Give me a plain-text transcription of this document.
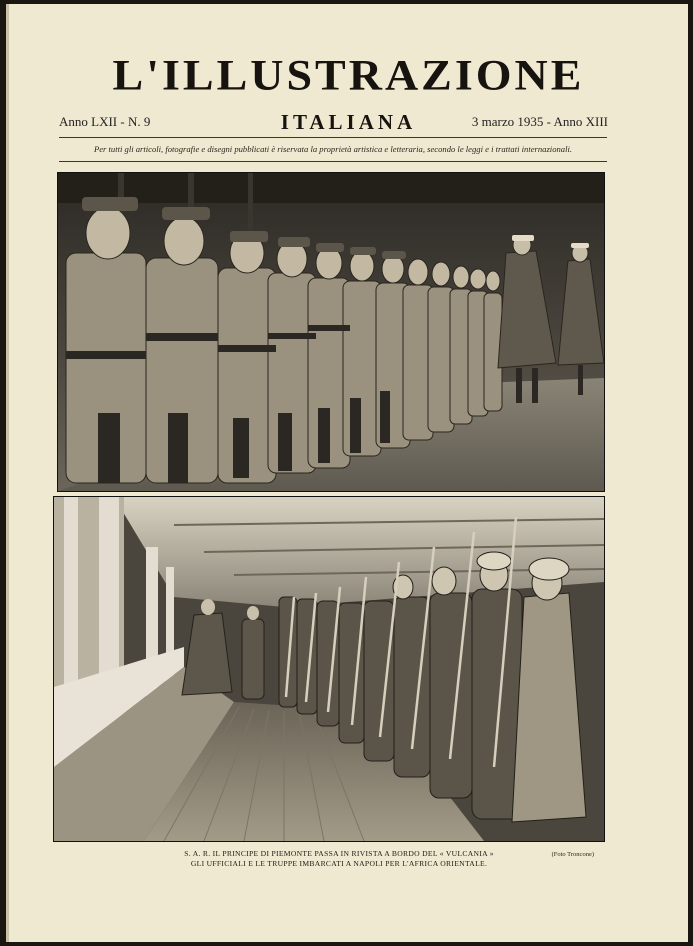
L'ILLUSTRAZIONE
Anno LXII - N. 9	ITALIANA	3 marzo 1935 - Anno XIII
Per tutti gli articoli, fotografie e disegni pubblicati è riservata la proprietà artistica e letteraria, secondo le leggi e i trattati internazionali.
S. A. R. IL PRINCIPE DI PIEMONTE PASSA IN RIVISTA A BORDO DEL « VULCANIA »
GLI UFFICIALI E LE TRUPPE IMBARCATI A NAPOLI PER L'AFRICA ORIENTALE.
(Foto Troncone)
